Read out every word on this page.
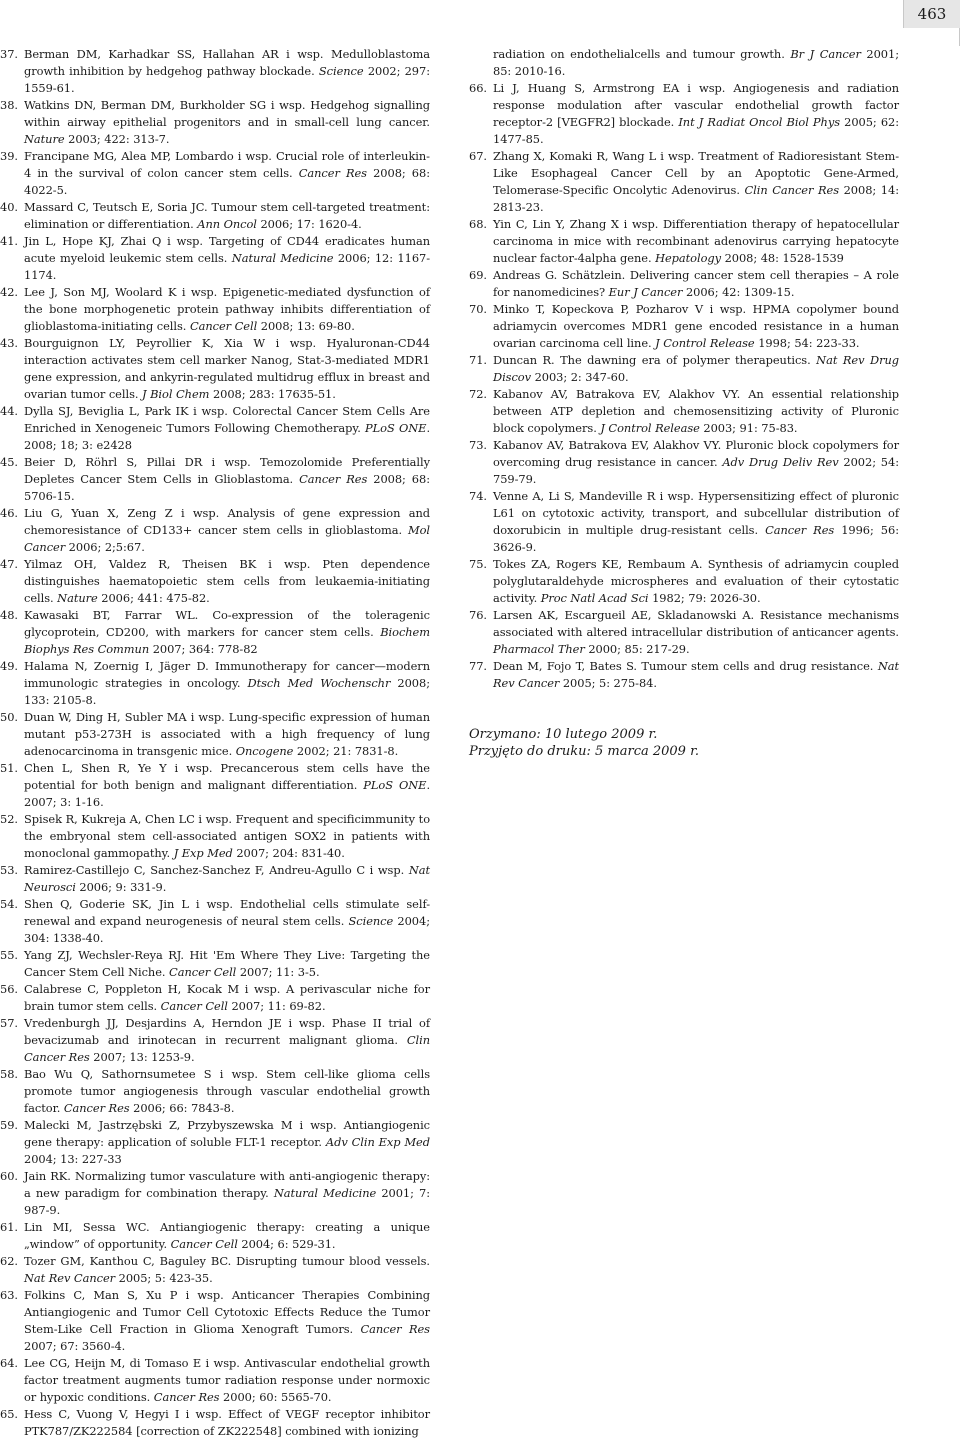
463
37. Berman DM, Karhadkar SS, Hallahan AR i wsp. Medulloblastoma growth inhibition by hedgehog pathway blockade. Science 2002; 297: 1559-61.
38. Watkins DN, Berman DM, Burkholder SG i wsp. Hedgehog signalling within airway epithelial progenitors and in small-cell lung cancer. Nature 2003; 422: 313-7.
39. Francipane MG, Alea MP, Lombardo i wsp. Crucial role of interleukin-4 in the survival of colon cancer stem cells. Cancer Res 2008; 68: 4022-5.
40. Massard C, Teutsch E, Soria JC. Tumour stem cell-targeted treatment: elimination or differentiation. Ann Oncol 2006; 17: 1620-4.
41. Jin L, Hope KJ, Zhai Q i wsp. Targeting of CD44 eradicates human acute myeloid leukemic stem cells. Natural Medicine 2006; 12: 1167-1174.
42. Lee J, Son MJ, Woolard K i wsp. Epigenetic-mediated dysfunction of the bone morphogenetic protein pathway inhibits differentiation of glioblastoma-initiating cells. Cancer Cell 2008; 13: 69-80.
43. Bourguignon LY, Peyrollier K, Xia W i wsp. Hyaluronan-CD44 interaction activates stem cell marker Nanog, Stat-3-mediated MDR1 gene expression, and ankyrin-regulated multidrug efflux in breast and ovarian tumor cells. J Biol Chem 2008; 283: 17635-51.
44. Dylla SJ, Beviglia L, Park IK i wsp. Colorectal Cancer Stem Cells Are Enriched in Xenogeneic Tumors Following Chemotherapy. PLoS ONE. 2008; 18; 3: e2428
45. Beier D, Röhrl S, Pillai DR i wsp. Temozolomide Preferentially Depletes Cancer Stem Cells in Glioblastoma. Cancer Res 2008; 68: 5706-15.
46. Liu G, Yuan X, Zeng Z i wsp. Analysis of gene expression and chemoresistance of CD133+ cancer stem cells in glioblastoma. Mol Cancer 2006; 2;5:67.
47. Yilmaz OH, Valdez R, Theisen BK i wsp. Pten dependence distinguishes haematopoietic stem cells from leukaemia-initiating cells. Nature 2006; 441: 475-82.
48. Kawasaki BT, Farrar WL. Co-expression of the toleragenic glycoprotein, CD200, with markers for cancer stem cells. Biochem Biophys Res Commun 2007; 364: 778-82
49. Halama N, Zoernig I, Jäger D. Immunotherapy for cancer—modern immunologic strategies in oncology. Dtsch Med Wochenschr 2008; 133: 2105-8.
50. Duan W, Ding H, Subler MA i wsp. Lung-specific expression of human mutant p53-273H is associated with a high frequency of lung adenocarcinoma in transgenic mice. Oncogene 2002; 21: 7831-8.
51. Chen L, Shen R, Ye Y i wsp. Precancerous stem cells have the potential for both benign and malignant differentiation. PLoS ONE. 2007; 3: 1-16.
52. Spisek R, Kukreja A, Chen LC i wsp. Frequent and specificimmunity to the embryonal stem cell-associated antigen SOX2 in patients with monoclonal gammopathy. J Exp Med 2007; 204: 831-40.
53. Ramirez-Castillejo C, Sanchez-Sanchez F, Andreu-Agullo C i wsp. Nat Neurosci 2006; 9: 331-9.
54. Shen Q, Goderie SK, Jin L i wsp. Endothelial cells stimulate self-renewal and expand neurogenesis of neural stem cells. Science 2004; 304: 1338-40.
55. Yang ZJ, Wechsler-Reya RJ. Hit 'Em Where They Live: Targeting the Cancer Stem Cell Niche. Cancer Cell 2007; 11: 3-5.
56. Calabrese C, Poppleton H, Kocak M i wsp. A perivascular niche for brain tumor stem cells. Cancer Cell 2007; 11: 69-82.
57. Vredenburgh JJ, Desjardins A, Herndon JE i wsp. Phase II trial of bevacizumab and irinotecan in recurrent malignant glioma. Clin Cancer Res 2007; 13: 1253-9.
58. Bao Wu Q, Sathornsumetee S i wsp. Stem cell-like glioma cells promote tumor angiogenesis through vascular endothelial growth factor. Cancer Res 2006; 66: 7843-8.
59. Malecki M, Jastrzębski Z, Przybyszewska M i wsp. Antiangiogenic gene therapy: application of soluble FLT-1 receptor. Adv Clin Exp Med 2004; 13: 227-33
60. Jain RK. Normalizing tumor vasculature with anti-angiogenic therapy: a new paradigm for combination therapy. Natural Medicine 2001; 7: 987-9.
61. Lin MI, Sessa WC. Antiangiogenic therapy: creating a unique „window” of opportunity. Cancer Cell 2004; 6: 529-31.
62. Tozer GM, Kanthou C, Baguley BC. Disrupting tumour blood vessels. Nat Rev Cancer 2005; 5: 423-35.
63. Folkins C, Man S, Xu P i wsp. Anticancer Therapies Combining Antiangiogenic and Tumor Cell Cytotoxic Effects Reduce the Tumor Stem-Like Cell Fraction in Glioma Xenograft Tumors. Cancer Res 2007; 67: 3560-4.
64. Lee CG, Heijn M, di Tomaso E i wsp. Antivascular endothelial growth factor treatment augments tumor radiation response under normoxic or hypoxic conditions. Cancer Res 2000; 60: 5565-70.
65. Hess C, Vuong V, Hegyi I i wsp. Effect of VEGF receptor inhibitor PTK787/ZK222584 [correction of ZK222548] combined with ionizing
radiation on endothelialcells and tumour growth. Br J Cancer 2001; 85: 2010-16.
66. Li J, Huang S, Armstrong EA i wsp. Angiogenesis and radiation response modulation after vascular endothelial growth factor receptor-2 [VEGFR2] blockade. Int J Radiat Oncol Biol Phys 2005; 62: 1477-85.
67. Zhang X, Komaki R, Wang L i wsp. Treatment of Radioresistant Stem-Like Esophageal Cancer Cell by an Apoptotic Gene-Armed, Telomerase-Specific Oncolytic Adenovirus. Clin Cancer Res 2008; 14: 2813-23.
68. Yin C, Lin Y, Zhang X i wsp. Differentiation therapy of hepatocellular carcinoma in mice with recombinant adenovirus carrying hepatocyte nuclear factor-4alpha gene. Hepatology 2008; 48: 1528-1539
69. Andreas G. Schätzlein. Delivering cancer stem cell therapies – A role for nanomedicines? Eur J Cancer 2006; 42: 1309-15.
70. Minko T, Kopeckova P, Pozharov V i wsp. HPMA copolymer bound adriamycin overcomes MDR1 gene encoded resistance in a human ovarian carcinoma cell line. J Control Release 1998; 54: 223-33.
71. Duncan R. The dawning era of polymer therapeutics. Nat Rev Drug Discov 2003; 2: 347-60.
72. Kabanov AV, Batrakova EV, Alakhov VY. An essential relationship between ATP depletion and chemosensitizing activity of Pluronic block copolymers. J Control Release 2003; 91: 75-83.
73. Kabanov AV, Batrakova EV, Alakhov VY. Pluronic block copolymers for overcoming drug resistance in cancer. Adv Drug Deliv Rev 2002; 54: 759-79.
74. Venne A, Li S, Mandeville R i wsp. Hypersensitizing effect of pluronic L61 on cytotoxic activity, transport, and subcellular distribution of doxorubicin in multiple drug-resistant cells. Cancer Res 1996; 56: 3626-9.
75. Tokes ZA, Rogers KE, Rembaum A. Synthesis of adriamycin coupled polyglutaraldehyde microspheres and evaluation of their cytostatic activity. Proc Natl Acad Sci 1982; 79: 2026-30.
76. Larsen AK, Escargueil AE, Skladanowski A. Resistance mechanisms associated with altered intracellular distribution of anticancer agents. Pharmacol Ther 2000; 85: 217-29.
77. Dean M, Fojo T, Bates S. Tumour stem cells and drug resistance. Nat Rev Cancer 2005; 5: 275-84.
Orzymano: 10 lutego 2009 r.
Przyjęto do druku: 5 marca 2009 r.
